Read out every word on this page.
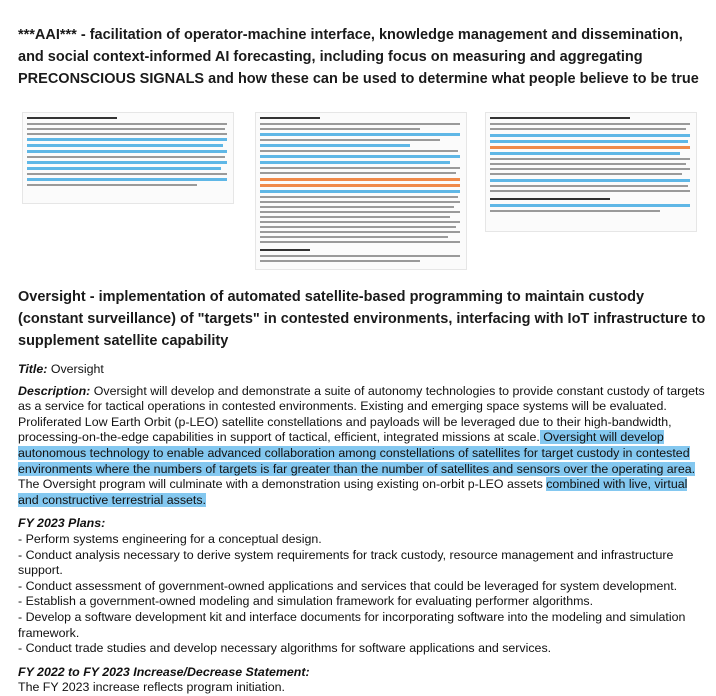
***AAI*** - facilitation of operator-machine interface, knowledge management and dissemination, and social context-informed AI forecasting, including focus on measuring and aggregating PRECONSCIOUS SIGNALS and how these can be used to determine what people believe to be true
Oversight - implementation of automated satellite-based programming to maintain custody (constant surveillance) of "targets" in contested environments, interfacing with IoT infrastructure to supplement satellite capability

Title: Oversight

Description: Oversight will develop and demonstrate a suite of autonomy technologies to provide constant custody of targets as a service for tactical operations in contested environments. Existing and emerging space systems will be evaluated. Proliferated Low Earth Orbit (p-LEO) satellite constellations and payloads will be leveraged due to their high-bandwidth, processing-on-the-edge capabilities in support of tactical, efficient, integrated missions at scale. Oversight will develop autonomous technology to enable advanced collaboration among constellations of satellites for target custody in contested environments where the numbers of targets is far greater than the number of satellites and sensors over the operating area. The Oversight program will culminate with a demonstration using existing on-orbit p-LEO assets combined with live, virtual and constructive terrestrial assets.

FY 2023 Plans:

- Perform systems engineering for a conceptual design.
- Conduct analysis necessary to derive system requirements for track custody, resource management and infrastructure support.
- Conduct assessment of government-owned applications and services that could be leveraged for system development.
- Establish a government-owned modeling and simulation framework for evaluating performer algorithms.
- Develop a software development kit and interface documents for incorporating software into the modeling and simulation framework.
- Conduct trade studies and develop necessary algorithms for software applications and services.

FY 2022 to FY 2023 Increase/Decrease Statement:

The FY 2023 increase reflects program initiation.
